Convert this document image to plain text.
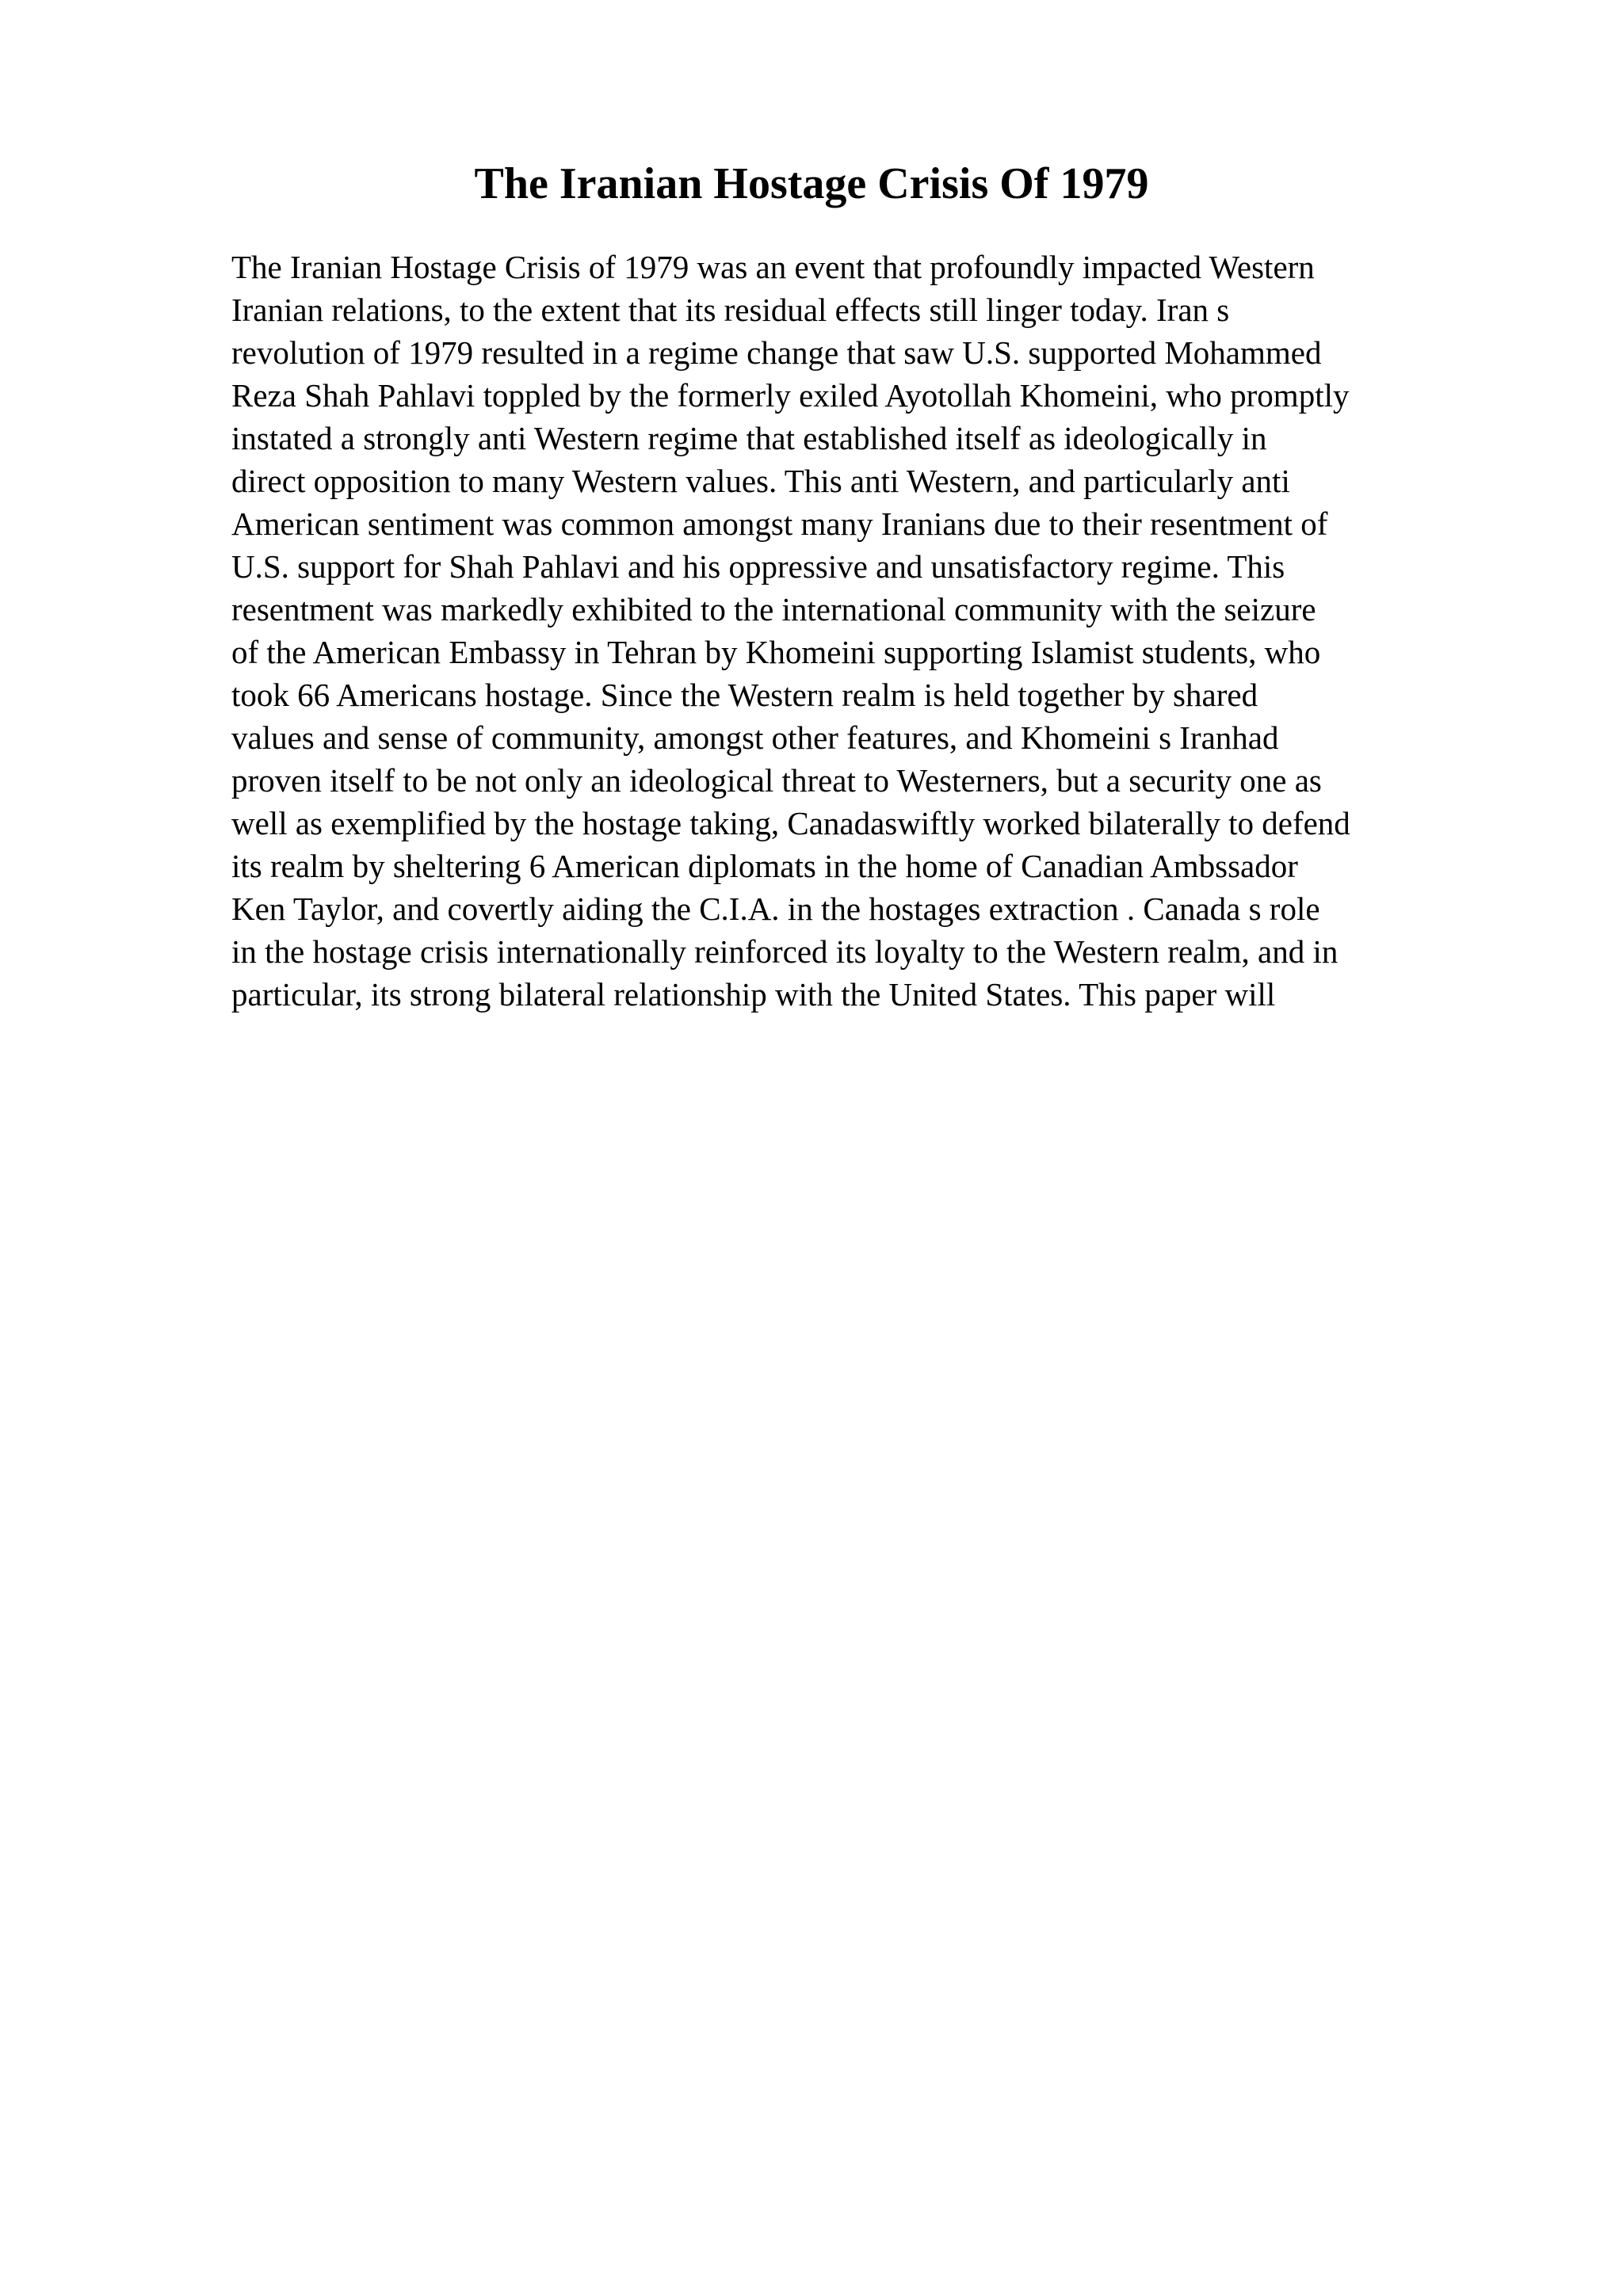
The Iranian Hostage Crisis Of 1979
The Iranian Hostage Crisis of 1979 was an event that profoundly impacted Western
Iranian relations, to the extent that its residual effects still linger today. Iran s
revolution of 1979 resulted in a regime change that saw U.S. supported Mohammed
Reza Shah Pahlavi toppled by the formerly exiled Ayotollah Khomeini, who promptly
instated a strongly anti Western regime that established itself as ideologically in
direct opposition to many Western values. This anti Western, and particularly anti
American sentiment was common amongst many Iranians due to their resentment of
U.S. support for Shah Pahlavi and his oppressive and unsatisfactory regime. This
resentment was markedly exhibited to the international community with the seizure
of the American Embassy in Tehran by Khomeini supporting Islamist students, who
took 66 Americans hostage. Since the Western realm is held together by shared
values and sense of community, amongst other features, and Khomeini s Iranhad
proven itself to be not only an ideological threat to Westerners, but a security one as
well as exemplified by the hostage taking, Canadaswiftly worked bilaterally to defend
its realm by sheltering 6 American diplomats in the home of Canadian Ambssador
Ken Taylor, and covertly aiding the C.I.A. in the hostages extraction . Canada s role
in the hostage crisis internationally reinforced its loyalty to the Western realm, and in
particular, its strong bilateral relationship with the United States. This paper will
